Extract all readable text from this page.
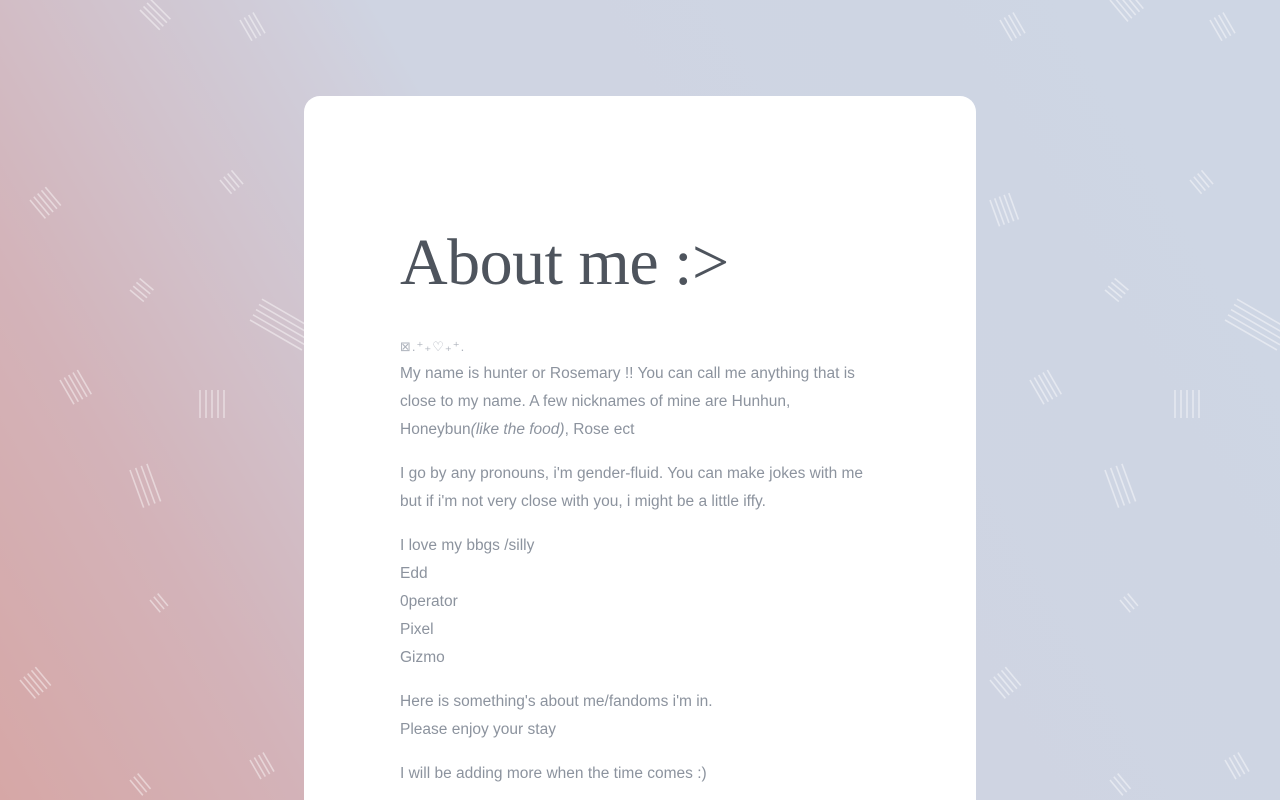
About me :>
⊠.⁺₊⁣⁣⁣⁣⁣⁣⁣⁣⁣⁣⁣⁣⁣⁣⁣⁣♡⁣⁣⁣⁣⁣⁣⁣⁣⁣⁣⁣⁣⁣⁣⁣⁣₊⁺. ⁣

My name is hunter or Rosemary !! You can call me anything that is close to my name. A few nicknames of mine are Hunhun, Honeybun(like the food), Rose ect

I go by any pronouns, i'm gender-fluid. You can make jokes with me but if i'm not very close with you, i might be a little iffy.

I love my bbgs /silly
Edd
0perator
Pixel
Gizmo

Here is something's about me/fandoms i'm in.
Please enjoy your stay

I will be adding more when the time comes :)
